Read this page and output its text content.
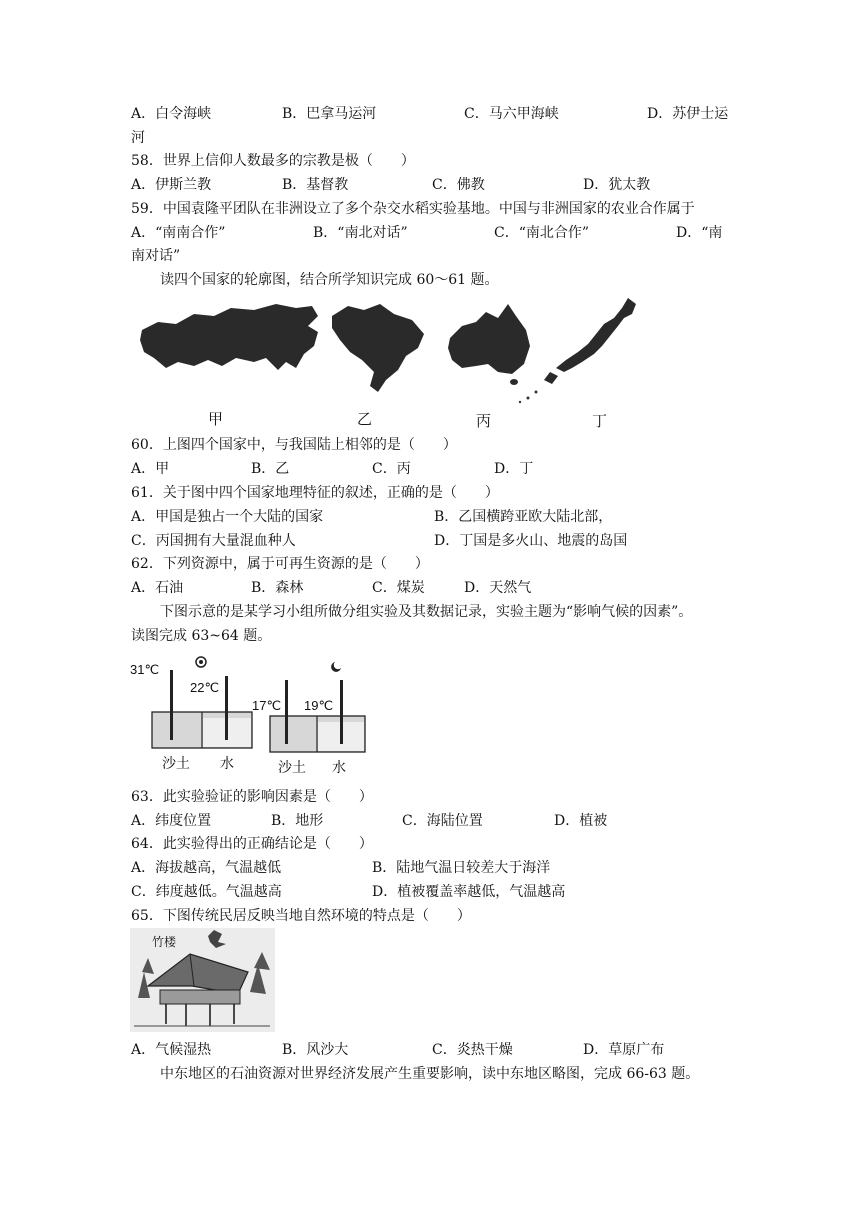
A．白令海峡	B．巴拿马运河	C．马六甲海峡	D．苏伊士运
河
58．世界上信仰人数最多的宗教是极（　　）
A．伊斯兰教	B．基督教	C．佛教	D．犹太教
59．中国袁隆平团队在非洲设立了多个杂交水稻实验基地。中国与非洲国家的农业合作属于
A．“南南合作”	B．“南北对话”	C．“南北合作”	D．“南
南对话”
读四个国家的轮廓图，结合所学知识完成 60～61 题。
甲	乙	丙	丁
60．上图四个国家中，与我国陆上相邻的是（　　）
A．甲	B．乙	C．丙	D．丁
61．关于图中四个国家地理特征的叙述，正确的是（　　）
A．甲国是独占一个大陆的国家	B．乙国横跨亚欧大陆北部，
C．丙国拥有大量混血种人	D．丁国是多火山、地震的岛国
62．下列资源中，属于可再生资源的是（　　）
A．石油	B．森林	C．煤炭	D．天然气
下图示意的是某学习小组所做分组实验及其数据记录，实验主题为“影响气候的因素”。
读图完成 63~64 题。
31℃
22℃
17℃ 19℃
沙土 水	沙土 水
63．此实验验证的影响因素是（　　）
A．纬度位置	B．地形	C．海陆位置	D．植被
64．此实验得出的正确结论是（　　）
A．海拔越高，气温越低	B．陆地气温日较差大于海洋
C．纬度越低。气温越高	D．植被覆盖率越低，气温越高
65．下图传统民居反映当地自然环境的特点是（　　）
竹楼
A．气候湿热	B．风沙大	C．炎热干燥	D．草原广布
中东地区的石油资源对世界经济发展产生重要影响，读中东地区略图，完成 66-63 题。
